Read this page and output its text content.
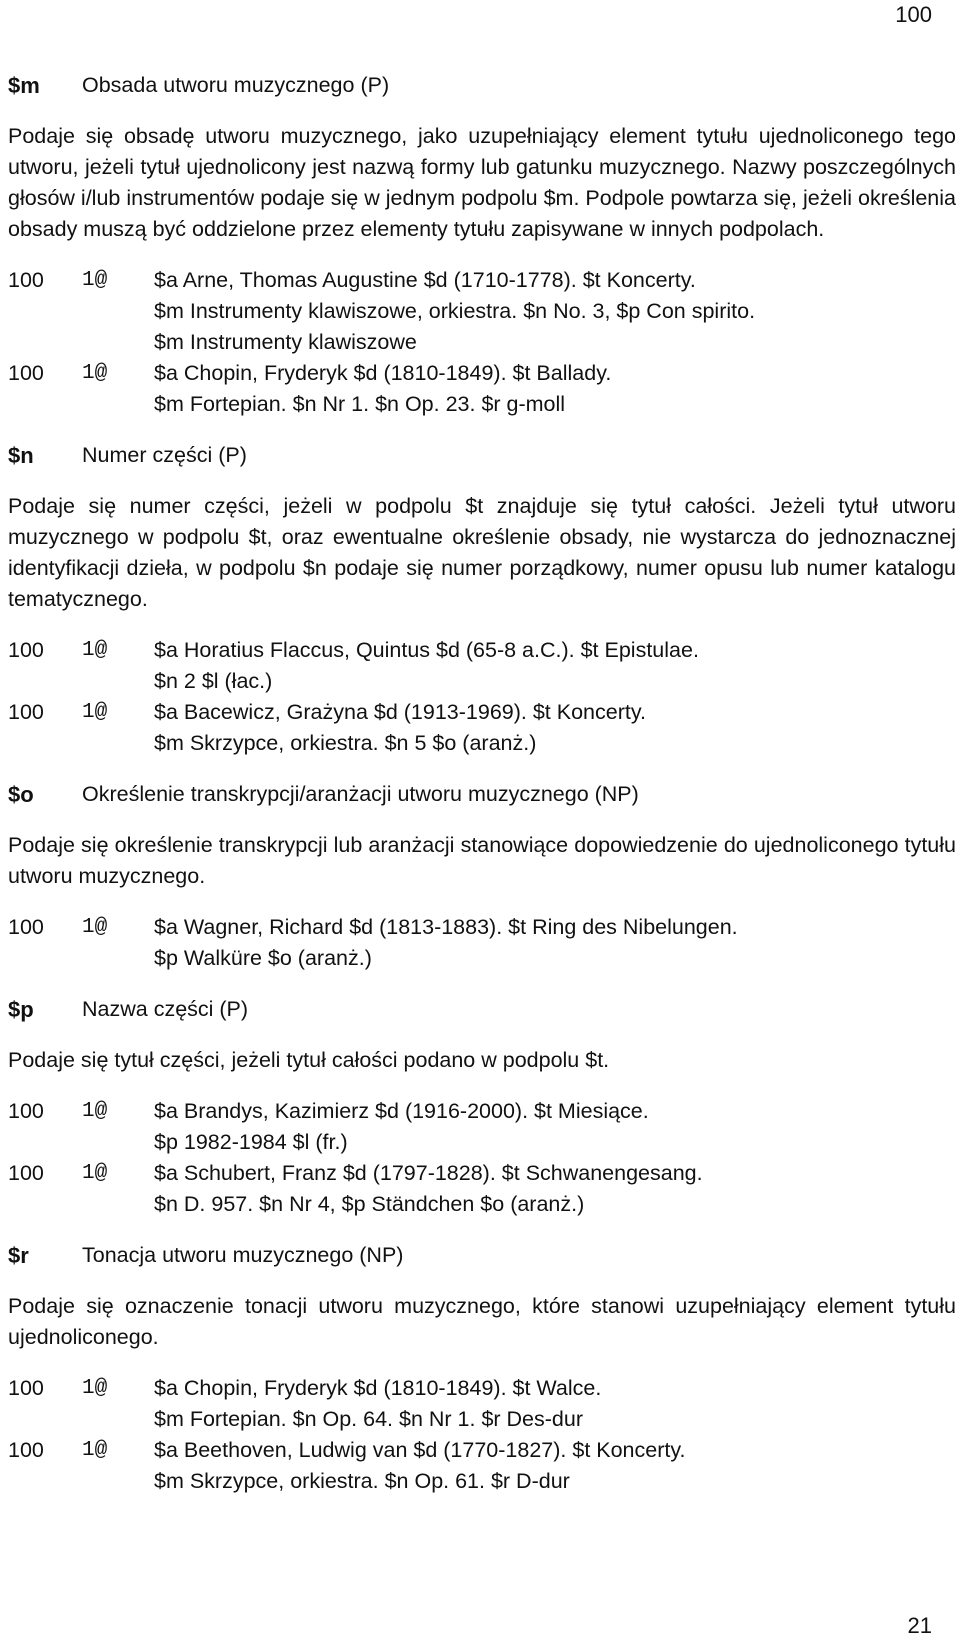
100
$m	Obsada utworu muzycznego (P)
Podaje się obsadę utworu muzycznego, jako uzupełniający element tytułu ujednoliconego tego utworu, jeżeli tytuł ujednolicony jest nazwą formy lub gatunku muzycznego. Nazwy poszczególnych głosów i/lub instrumentów podaje się w jednym podpolu $m. Podpole powtarza się, jeżeli określenia obsady muszą być oddzielone przez elementy tytułu zapisywane w innych podpolach.
100	1@	$a Arne, Thomas Augustine $d (1710-1778). $t Koncerty.
$m Instrumenty klawiszowe, orkiestra. $n No. 3, $p Con spirito.
$m Instrumenty klawiszowe
100	1@	$a Chopin, Fryderyk $d (1810-1849). $t Ballady.
$m Fortepian. $n Nr 1. $n Op. 23. $r g-moll
$n	Numer części (P)
Podaje się numer części, jeżeli w podpolu $t znajduje się tytuł całości. Jeżeli tytuł utworu muzycznego w podpolu $t, oraz ewentualne określenie obsady, nie wystarcza do jednoznacznej identyfikacji dzieła, w podpolu $n podaje się numer porządkowy, numer opusu lub numer katalogu tematycznego.
100	1@	$a Horatius Flaccus, Quintus $d (65-8 a.C.). $t Epistulae.
$n 2 $l (łac.)
100	1@	$a Bacewicz, Grażyna $d (1913-1969). $t Koncerty.
$m Skrzypce, orkiestra. $n 5 $o (aranż.)
$o	Określenie transkrypcji/aranżacji utworu muzycznego (NP)
Podaje się określenie transkrypcji lub aranżacji stanowiące dopowiedzenie do ujednoliconego tytułu utworu muzycznego.
100	1@	$a Wagner, Richard $d (1813-1883). $t Ring des Nibelungen.
$p Walküre $o (aranż.)
$p	Nazwa części (P)
Podaje się tytuł części, jeżeli tytuł całości podano w podpolu $t.
100	1@	$a Brandys, Kazimierz $d (1916-2000). $t Miesiące.
$p 1982-1984 $l (fr.)
100	1@	$a Schubert, Franz $d (1797-1828). $t Schwanengesang.
$n D. 957. $n Nr 4, $p Ständchen $o (aranż.)
$r	Tonacja utworu muzycznego (NP)
Podaje się oznaczenie tonacji utworu muzycznego, które stanowi uzupełniający element tytułu ujednoliconego.
100	1@	$a Chopin, Fryderyk $d (1810-1849). $t Walce.
$m Fortepian. $n Op. 64. $n Nr 1. $r Des-dur
100	1@	$a Beethoven, Ludwig van $d (1770-1827). $t Koncerty.
$m Skrzypce, orkiestra. $n Op. 61. $r D-dur
21
